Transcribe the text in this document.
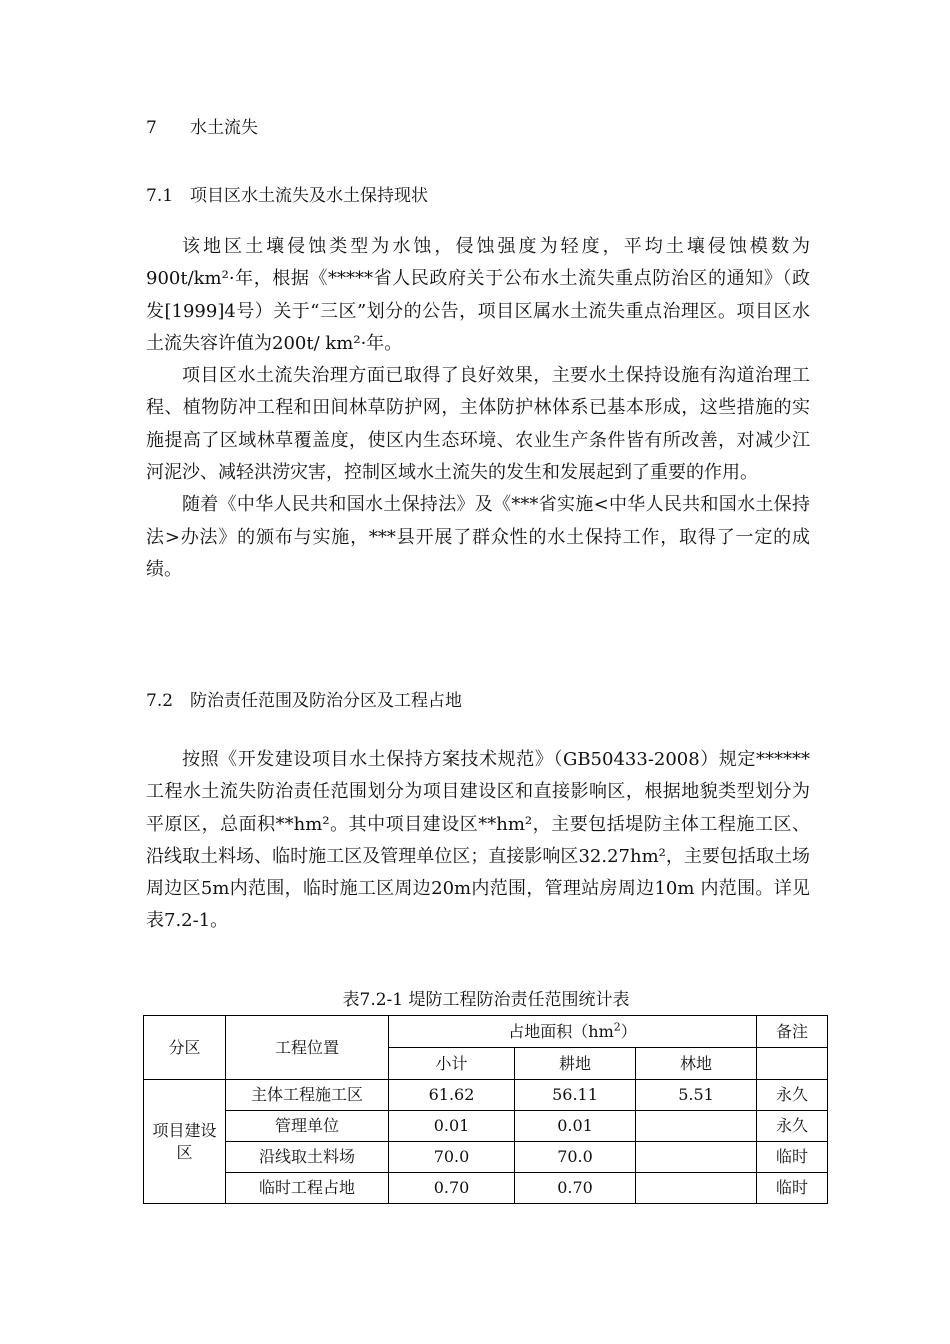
7 水土流失
7.1 项目区水土流失及水土保持现状

该地区土壤侵蚀类型为水蚀，侵蚀强度为轻度，平均土壤侵蚀模数为900t/km²·年，根据《*****省人民政府关于公布水土流失重点防治区的通知》（政发[1999]4号）关于“三区”划分的公告，项目区属水土流失重点治理区。项目区水土流失容许值为200t/ km²·年。

项目区水土流失治理方面已取得了良好效果，主要水土保持设施有沟道治理工程、植物防冲工程和田间林草防护网，主体防护林体系已基本形成，这些措施的实施提高了区域林草覆盖度，使区内生态环境、农业生产条件皆有所改善，对减少江河泥沙、减轻洪涝灾害，控制区域水土流失的发生和发展起到了重要的作用。

随着《中华人民共和国水土保持法》及《***省实施<中华人民共和国水土保持法>办法》的颁布与实施，***县开展了群众性的水土保持工作，取得了一定的成绩。

7.2 防治责任范围及防治分区及工程占地

按照《开发建设项目水土保持方案技术规范》（GB50433-2008）规定******工程水土流失防治责任范围划分为项目建设区和直接影响区，根据地貌类型划分为平原区，总面积**hm²。其中项目建设区**hm²，主要包括堤防主体工程施工区、沿线取土料场、临时施工区及管理单位区；直接影响区32.27hm²，主要包括取土场周边区5m内范围，临时施工区周边20m内范围，管理站房周边10m 内范围。详见表7.2-1。

表7.2-1 堤防工程防治责任范围统计表
分区	工程位置	占地面积$(hm^2)$			备注
		小计	耕地	林地	
项目建设区	主体工程施工区	61.62	56.11	5.51	永久
	管理单位	0.01	0.01		永久
	沿线取土料场	70.0	70.0		临时
	临时工程占地	0.70	0.70		临时
